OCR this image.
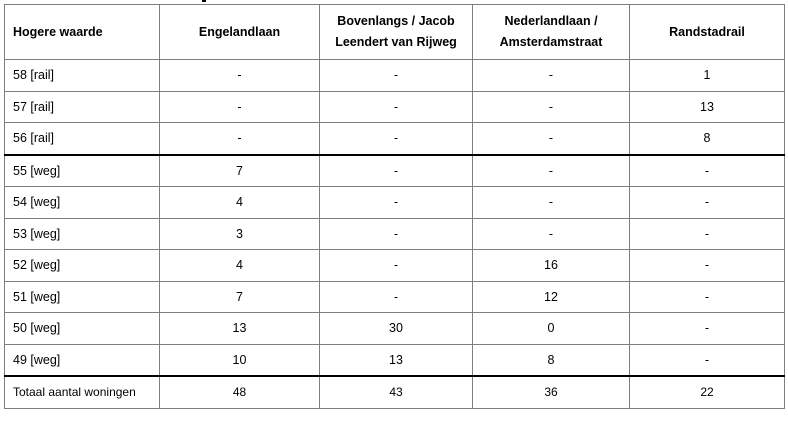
Hogere waarde	Engelandlaan	Bovenlangs / Jacob Leendert van Rijweg	Nederlandlaan / Amsterdamstraat	Randstadrail
58 [rail]	-	-	-	1
57 [rail]	-	-	-	13
56 [rail]	-	-	-	8
55 [weg]	7	-	-	-
54 [weg]	4	-	-	-
53 [weg]	3	-	-	-
52 [weg]	4	-	16	-
51 [weg]	7	-	12	-
50 [weg]	13	30	0	-
49 [weg]	10	13	8	-
Totaal aantal woningen	48	43	36	22
